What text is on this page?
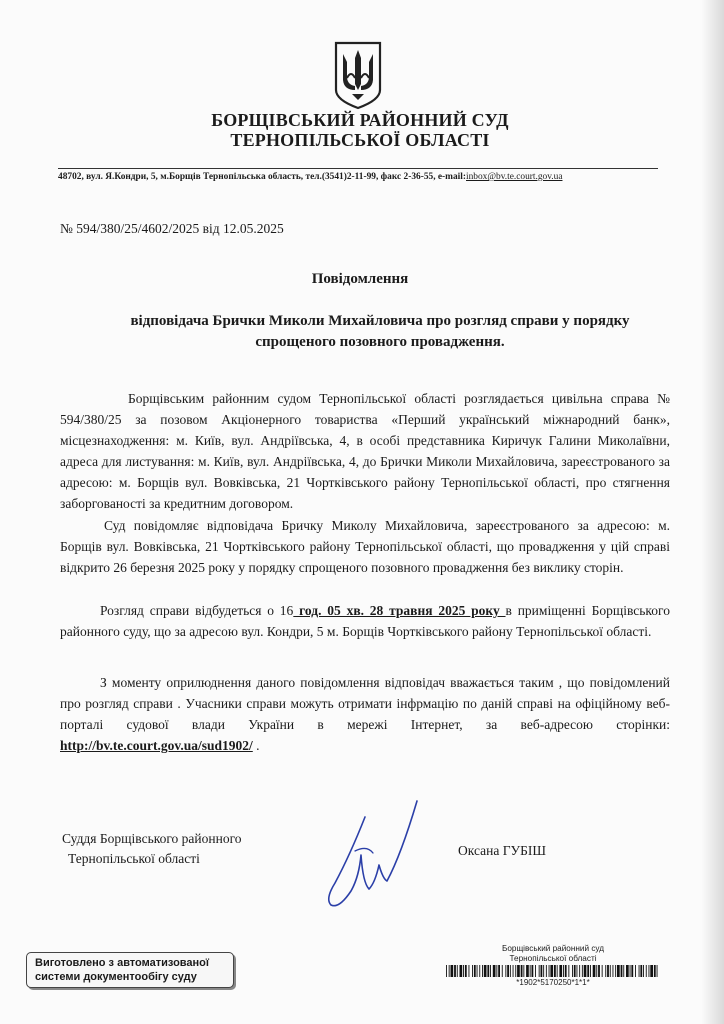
БОРЩІВСЬКИЙ РАЙОННИЙ СУД
ТЕРНОПІЛЬСЬКОЇ ОБЛАСТІ
48702, вул. Я.Кондри, 5, м.Борщів Тернопільська область, тел.(3541)2-11-99, факс 2-36-55, e-mail:inbox@bv.te.court.gov.ua
№ 594/380/25/4602/2025 від 12.05.2025
Повідомлення
відповідача Брички Миколи Михайловича про розгляд справи у порядку спрощеного позовного провадження.
Борщівським районним судом Тернопільської області розглядається цивільна справа № 594/380/25 за позовом Акціонерного товариства «Перший український міжнародний банк», місцезнаходження: м. Київ, вул. Андріївська, 4, в особі представника Киричук Галини Миколаївни, адреса для листування: м. Київ, вул. Андріївська, 4, до Брички Миколи Михайловича, зареєстрованого за адресою: м. Борщів вул. Вовківська, 21 Чортківського району Тернопільської області, про стягнення заборгованості за кредитним договором.
Суд повідомляє відповідача Бричку Миколу Михайловича, зареєстрованого за адресою: м. Борщів вул. Вовківська, 21 Чортківського району Тернопільської області, що провадження у цій справі відкрито 26 березня 2025 року у порядку спрощеного позовного провадження без виклику сторін.
Розгляд справи відбудеться о 16 год. 05 хв. 28 травня 2025 року в приміщенні Борщівського районного суду, що за адресою вул. Кондри, 5 м. Борщів Чортківського району Тернопільської області.
З моменту оприлюднення даного повідомлення відповідач вважається таким , що повідомлений про розгляд справи . Учасники справи можуть отримати інфрмацію по даній справі на офіційному веб-порталі судової влади України в мережі Інтернет, за веб-адресою сторінки: http://bv.te.court.gov.ua/sud1902/ .
Суддя Борщівського районного
Тернопільської області
Оксана ГУБІШ
Виготовлено з автоматизованої
системи документообігу суду
Борщівський районний суд
Тернопільської області
*1902*5170250*1*1*
